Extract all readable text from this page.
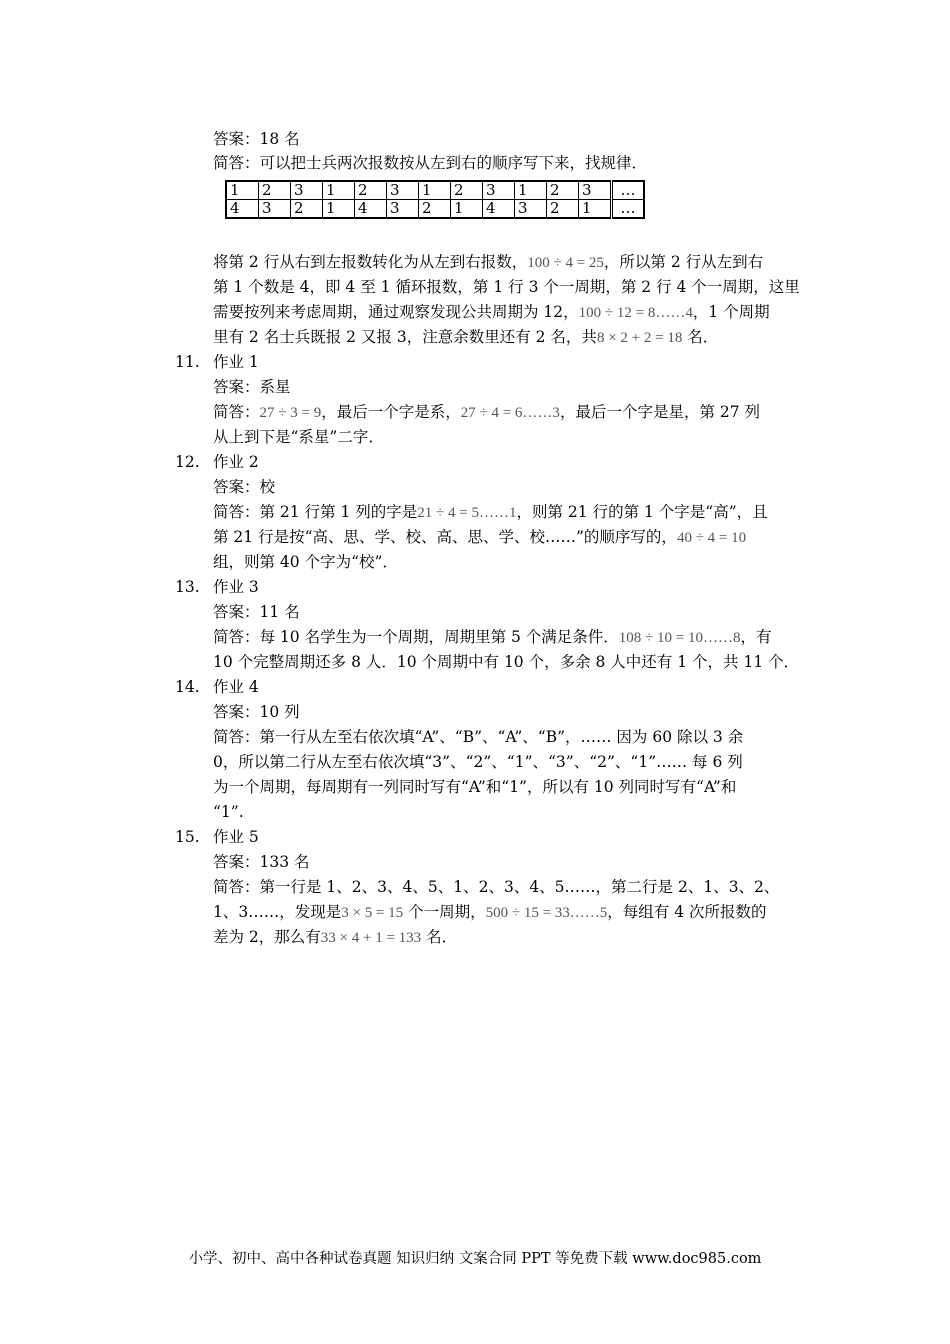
答案：18 名
简答：可以把士兵两次报数按从左到右的顺序写下来，找规律．
1	2	3	1	2	3	1	2	3	1	2	3	…
4	3	2	1	4	3	2	1	4	3	2	1	…
将第 2 行从右到左报数转化为从左到右报数，100 ÷ 4 = 25，所以第 2 行从左到右
第 1 个数是 4，即 4 至 1 循环报数，第 1 行 3 个一周期，第 2 行 4 个一周期，这里
需要按列来考虑周期，通过观察发现公共周期为 12，100 ÷ 12 = 8……4，1 个周期
里有 2 名士兵既报 2 又报 3，注意余数里还有 2 名，共8 × 2 + 2 = 18 名．
11. 作业 1
答案：系星
简答：27 ÷ 3 = 9，最后一个字是系，27 ÷ 4 = 6……3，最后一个字是星，第 27 列
从上到下是“系星”二字．
12. 作业 2
答案：校
简答：第 21 行第 1 列的字是21 ÷ 4 = 5……1，则第 21 行的第 1 个字是“高”，且
第 21 行是按“高、思、学、校、高、思、学、校……”的顺序写的，40 ÷ 4 = 10
组，则第 40 个字为“校”．
13. 作业 3
答案：11 名
简答：每 10 名学生为一个周期，周期里第 5 个满足条件．108 ÷ 10 = 10……8，有
10 个完整周期还多 8 人．10 个周期中有 10 个，多余 8 人中还有 1 个，共 11 个．
14. 作业 4
答案：10 列
简答：第一行从左至右依次填“A”、“B”、“A”、“B”，…… 因为 60 除以 3 余
0，所以第二行从左至右依次填“3”、“2”、“1”、“3”、“2”、“1”…… 每 6 列
为一个周期，每周期有一列同时写有“A”和“1”，所以有 10 列同时写有“A”和
“1”.
15. 作业 5
答案：133 名
简答：第一行是 1、2、3、4、5、1、2、3、4、5……，第二行是 2、1、3、2、
1、3……，发现是3 × 5 = 15 个一周期，500 ÷ 15 = 33……5，每组有 4 次所报数的
差为 2，那么有33 × 4 + 1 = 133 名．
小学、初中、高中各种试卷真题 知识归纳 文案合同 PPT 等免费下载 www.doc985.com
